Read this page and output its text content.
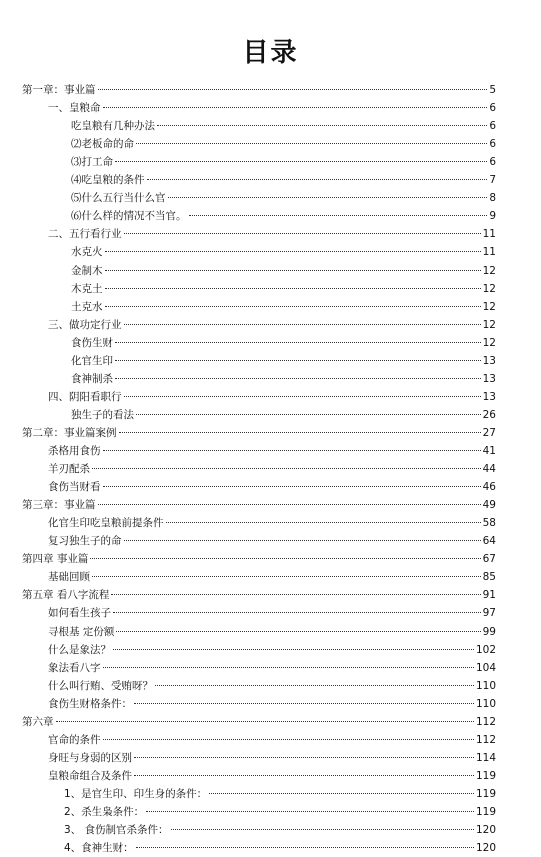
目录
第一章：事业篇	5
一、皇粮命	6
吃皇粮有几种办法	6
⑵老板命的命	6
⑶打工命	6
⑷吃皇粮的条件	7
⑸什么五行当什么官	8
⑹什么样的情况不当官。	9
二、五行看行业	11
水克火	11
金制木	12
木克土	12
土克水	12
三、做功定行业	12
食伤生财	12
化官生印	13
食神制杀	13
四、阴阳看职行	13
独生子的看法	26
第二章：事业篇案例	27
杀格用食伤	41
羊刃配杀	44
食伤当财看	46
第三章：事业篇	49
化官生印吃皇粮前提条件	58
复习独生子的命	64
第四章 事业篇	67
基础回顾	85
第五章 看八字流程	91
如何看生孩子	97
寻根基 定份额	99
什么是象法？	102
象法看八字	104
什么叫行贿、受贿呀？	110
食伤生财格条件：	110
第六章	112
官命的条件	112
身旺与身弱的区别	114
皇粮命组合及条件	119
1、是官生印、印生身的条件：	119
2、杀生枭条件：	119
3、 食伤制官杀条件：	120
4、食神生财：	120
